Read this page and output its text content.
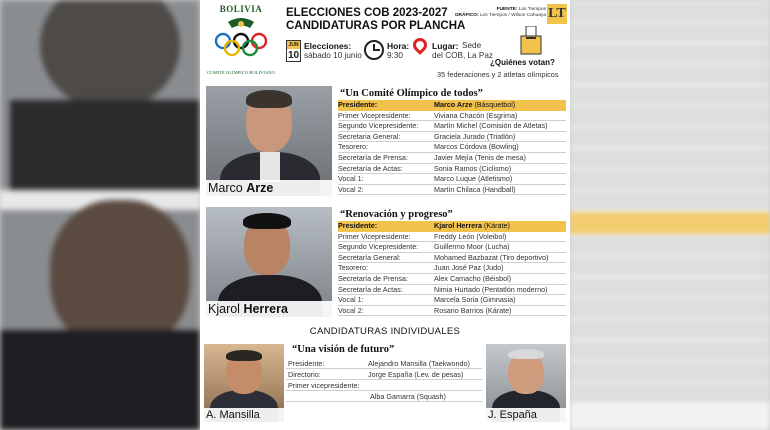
BOLIVIA
COMITÉ OLÍMPICO BOLIVIANO
ELECCIONES COB 2023-2027
CANDIDATURAS POR PLANCHA
FUENTE: Los Tiempos
GRÁFICO: Los Tiempos / Wilson Cahuaya LT
JUN
10
Elecciones:
sábado 10 junio
Hora:
9:30
Lugar: Sede
del COB, La Paz
¿Quiénes votan?
35 federaciones y 2 atletas olímpicos
Marco Arze
“Un Comité Olímpico de todos”
Presidente:	Marco Arze (Básquetbol)
Primer Vicepresidente:	Viviana Chacón (Esgrima)
Segundo Vicepresidente:	Martín Michel (Comisión de Atletas)
Secretaria General:	Graciela Jurado (Triatlón)
Tesorero:	Marcos Córdova (Bowling)
Secretaría de Prensa:	Javier Mejía (Tenis de mesa)
Secretaría de Actas:	Sonia Ramos (Ciclismo)
Vocal 1:	Marco Luque (Atletismo)
Vocal 2:	Martín Chilaca (Handball)
Kjarol Herrera
“Renovación y progreso”
Presidente:	Kjarol Herrera (Kárate)
Primer Vicepresidente:	Freddy León (Voleibol)
Segundo Vicepresidente:	Guillermo Moor (Lucha)
Secretaría General:	Mohamed Bazbazat (Tiro deportivo)
Tesorero:	Juan José Paz (Judo)
Secretaría de Prensa:	Alex Camacho (Béisbol)
Secretaría de Actas:	Nimia Hurtado (Pentatlón moderno)
Vocal 1:	Marcela Soria (Gimnasia)
Vocal 2:	Rosario Barrios (Kárate)
CANDIDATURAS INDIVIDUALES
A. Mansilla	J. España
“Una visión de futuro”
Presidente:	Alejandro Mansilla (Taekwondo)
Directorio:	Jorge España (Lev. de pesas)
Primer vicepresidente:
Alba Gamarra (Squash)
